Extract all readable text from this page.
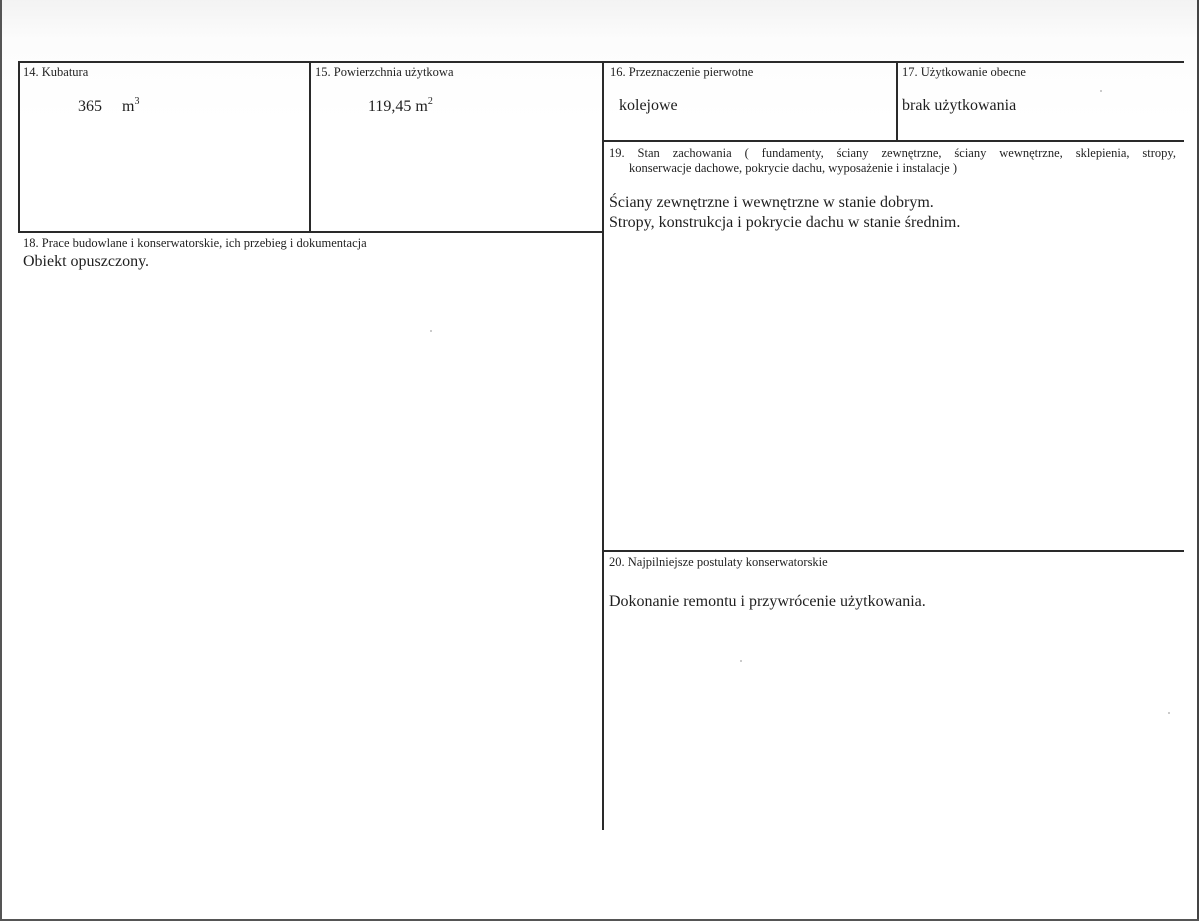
14. Kubatura
365 $m^3$
15. Powierzchnia użytkowa
119,45 $m^2$
16. Przeznaczenie pierwotne
kolejowe
17. Użytkowanie obecne
brak użytkowania
19. Stan zachowania ( fundamenty, ściany zewnętrzne, ściany wewnętrzne, sklepienia, stropy,
konserwacje dachowe, pokrycie dachu, wyposażenie i instalacje )
Ściany zewnętrzne i wewnętrzne w stanie dobrym.
Stropy, konstrukcja i pokrycie dachu w stanie średnim.
18. Prace budowlane i konserwatorskie, ich przebieg i dokumentacja
Obiekt opuszczony.
20. Najpilniejsze postulaty konserwatorskie
Dokonanie remontu i przywrócenie użytkowania.
